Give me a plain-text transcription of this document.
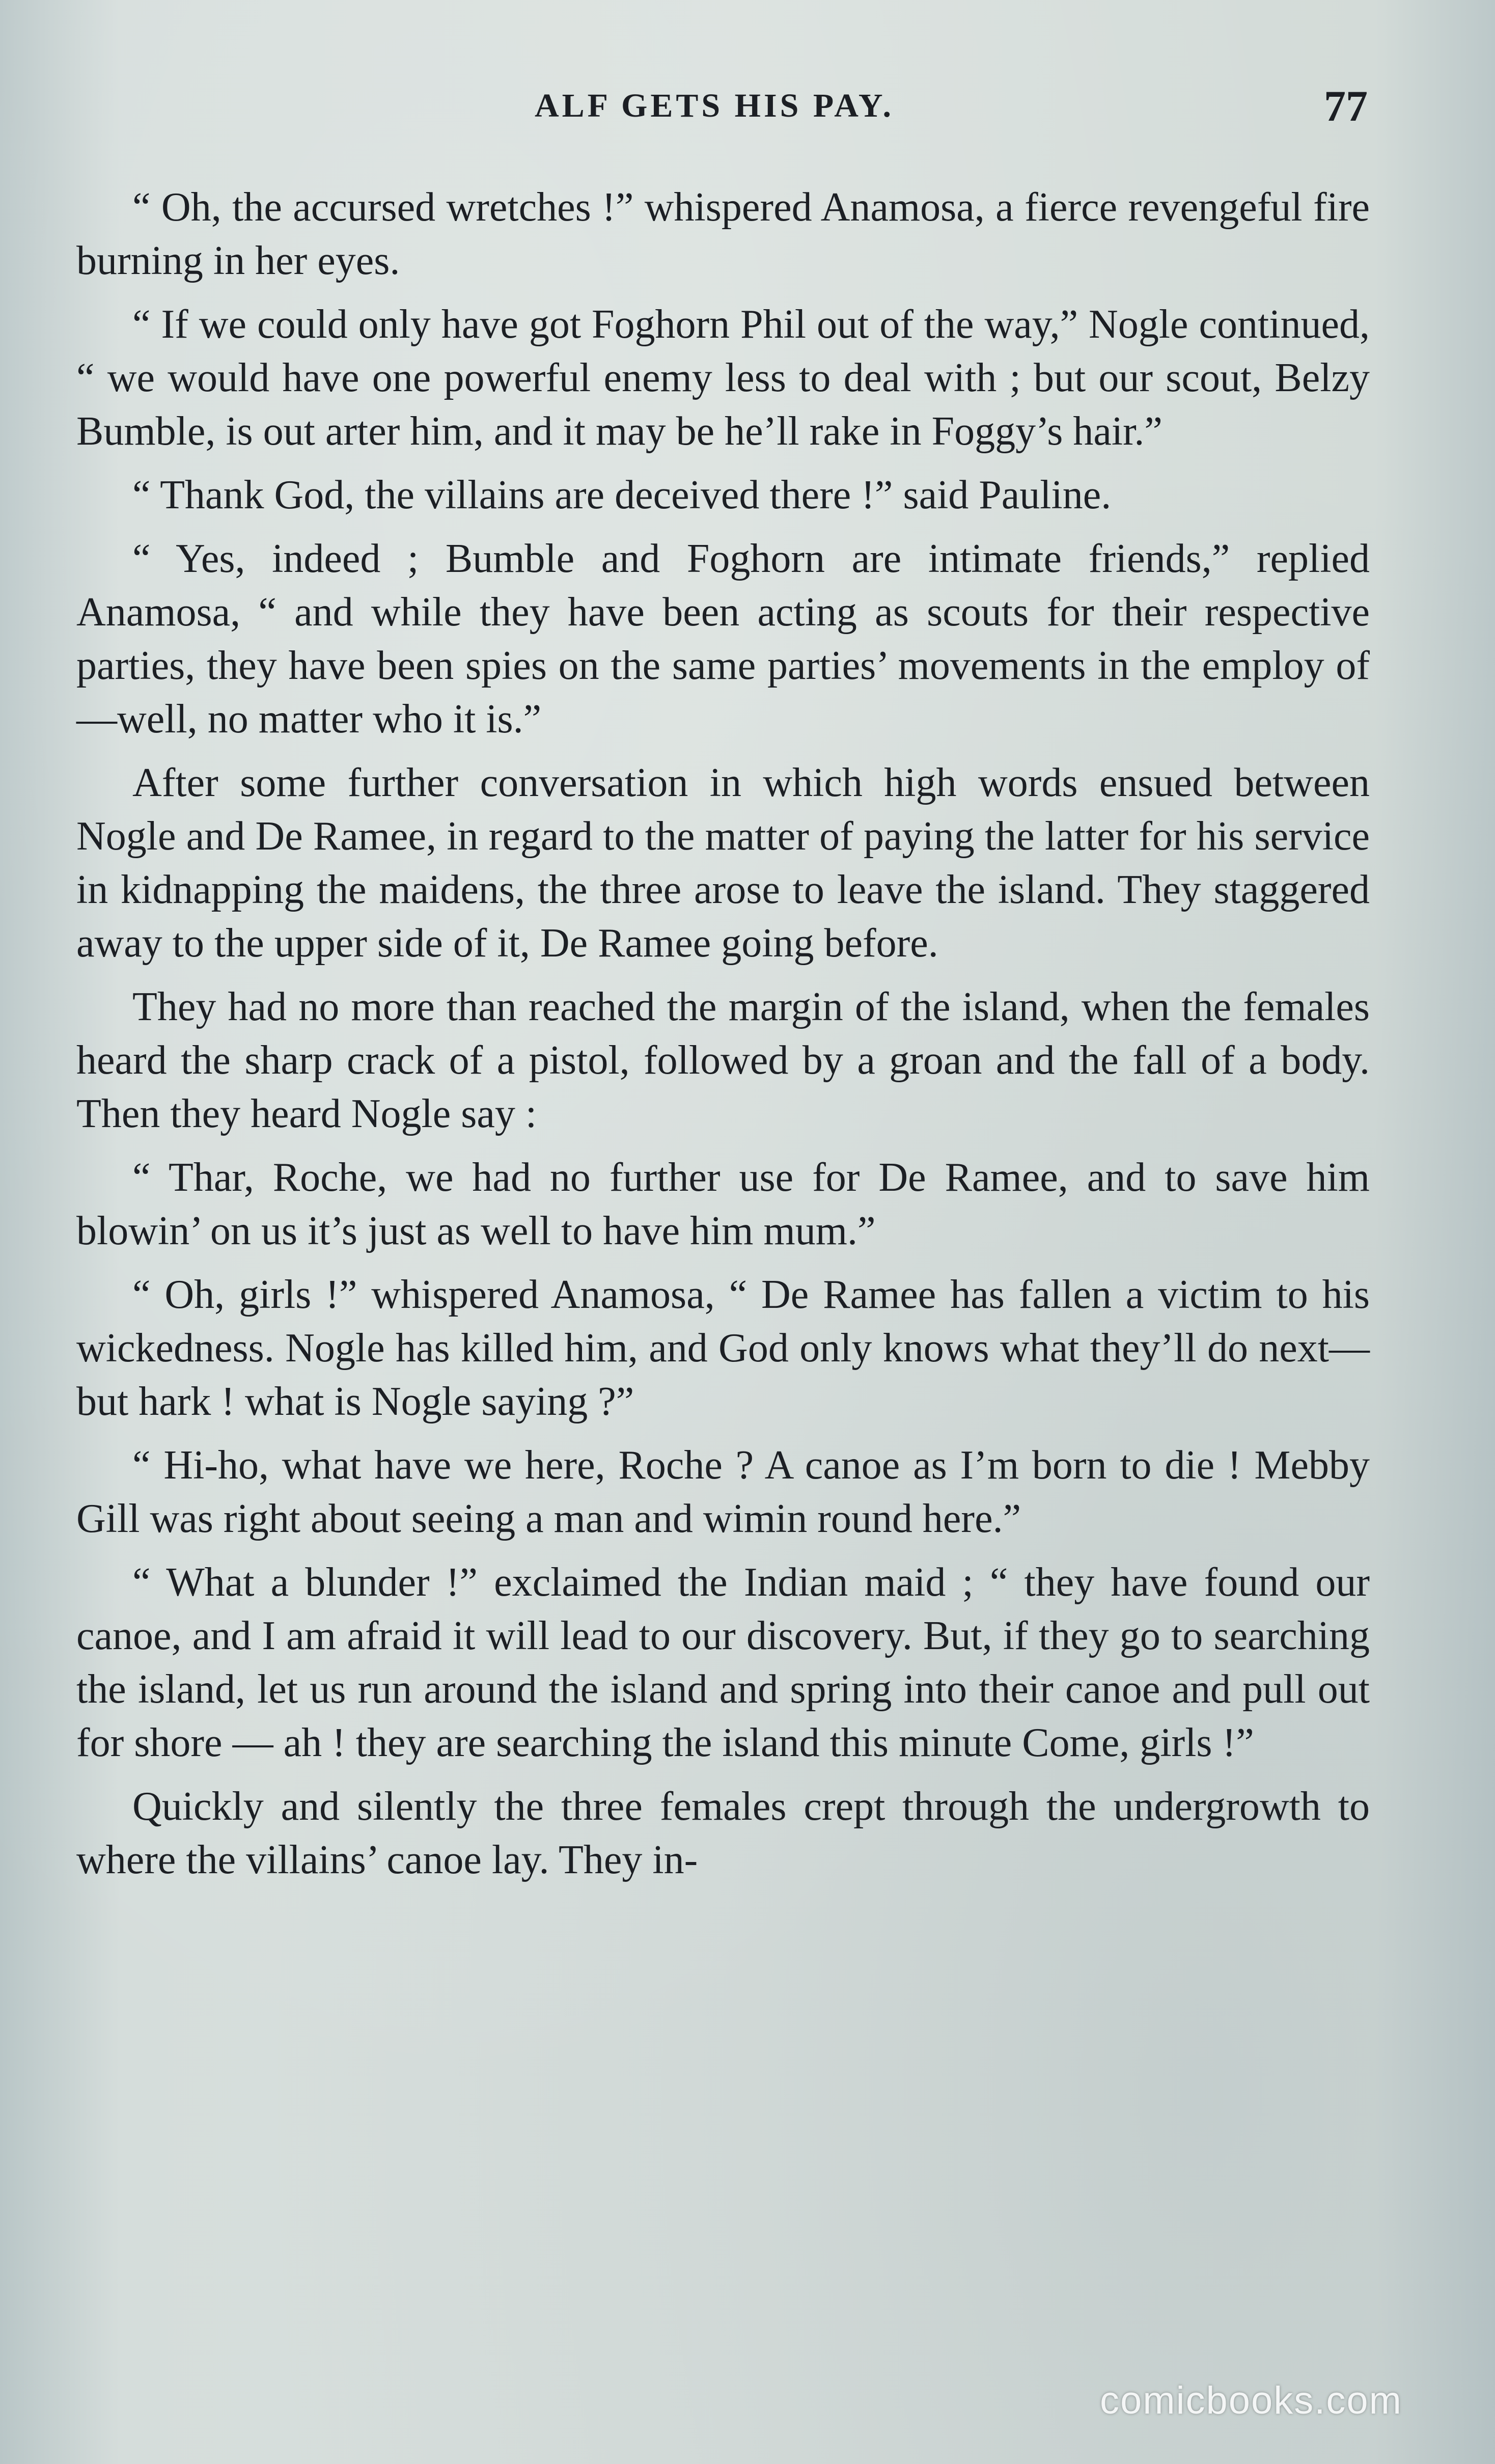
ALF GETS HIS PAY.	77

“ Oh, the accursed wretches !” whispered Anamosa, a fierce revengeful fire burning in her eyes.

“ If we could only have got Foghorn Phil out of the way,” Nogle continued, “ we would have one powerful enemy less to deal with ; but our scout, Belzy Bumble, is out arter him, and it may be he’ll rake in Foggy’s hair.”

“ Thank God, the villains are deceived there !” said Pauline.

“ Yes, indeed ; Bumble and Foghorn are intimate friends,” replied Anamosa, “ and while they have been acting as scouts for their respective parties, they have been spies on the same parties’ movements in the employ of—well, no matter who it is.”

After some further conversation in which high words ensued between Nogle and De Ramee, in regard to the matter of paying the latter for his service in kidnapping the maidens, the three arose to leave the island. They staggered away to the upper side of it, De Ramee going before.

They had no more than reached the margin of the island, when the females heard the sharp crack of a pistol, followed by a groan and the fall of a body. Then they heard Nogle say :

“ Thar, Roche, we had no further use for De Ramee, and to save him blowin’ on us it’s just as well to have him mum.”

“ Oh, girls !” whispered Anamosa, “ De Ramee has fallen a victim to his wickedness. Nogle has killed him, and God only knows what they’ll do next—but hark ! what is Nogle saying ?”

“ Hi-ho, what have we here, Roche ? A canoe as I’m born to die ! Mebby Gill was right about seeing a man and wimin round here.”

“ What a blunder !” exclaimed the Indian maid ; “ they have found our canoe, and I am afraid it will lead to our discovery. But, if they go to searching the island, let us run around the island and spring into their canoe and pull out for shore — ah ! they are searching the island this minute Come, girls !”

Quickly and silently the three females crept through the undergrowth to where the villains’ canoe lay. They in-

comicbooks.com
